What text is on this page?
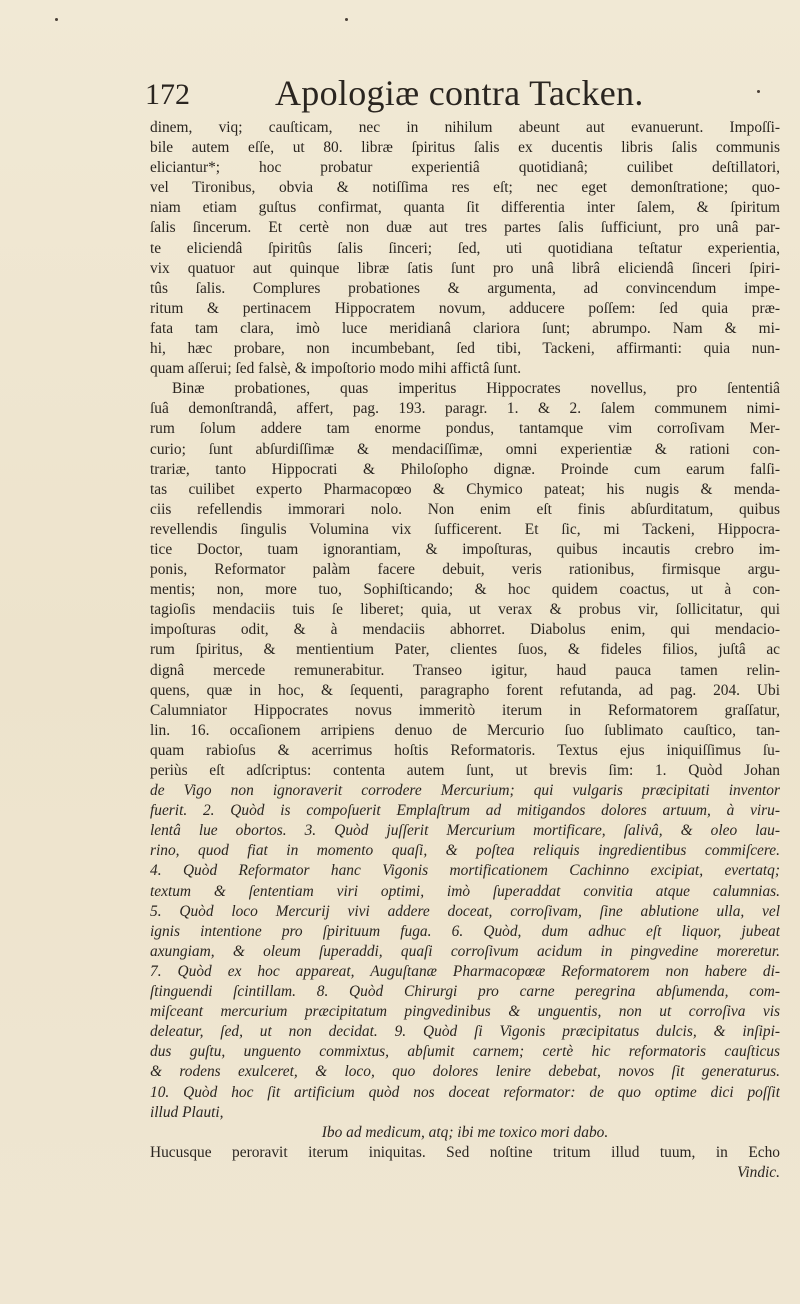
172 Apologiæ contra Tacken.
dinem, viq; cauſticam, nec in nihilum abeunt aut evanuerunt. Impoſſi-
bile autem eſſe, ut 80. libræ ſpiritus ſalis ex ducentis libris ſalis communis
eliciantur*; hoc probatur experientiâ quotidianâ; cuilibet deſtillatori,
vel Tironibus, obvia & notiſſima res eſt; nec eget demonſtratione; quo-
niam etiam guſtus confirmat, quanta ſit differentia inter ſalem, & ſpiritum
ſalis ſincerum. Et certè non duæ aut tres partes ſalis ſufficiunt, pro unâ par-
te eliciendâ ſpiritûs ſalis ſinceri; ſed, uti quotidiana teſtatur experientia,
vix quatuor aut quinque libræ ſatis ſunt pro unâ librâ eliciendâ ſinceri ſpiri-
tûs ſalis. Complures probationes & argumenta, ad convincendum impe-
ritum & pertinacem Hippocratem novum, adducere poſſem: ſed quia præ-
fata tam clara, imò luce meridianâ clariora ſunt; abrumpo. Nam & mi-
hi, hæc probare, non incumbebant, ſed tibi, Tackeni, affirmanti: quia nun-
quam aſſerui; ſed falsè, & impoſtorio modo mihi affictâ ſunt.
Binæ probationes, quas imperitus Hippocrates novellus, pro ſententiâ
ſuâ demonſtrandâ, affert, pag. 193. paragr. 1. & 2. ſalem communem nimi-
rum ſolum addere tam enorme pondus, tantamque vim corroſivam Mer-
curio; ſunt abſurdiſſimæ & mendaciſſimæ, omni experientiæ & rationi con-
trariæ, tanto Hippocrati & Philoſopho dignæ. Proinde cum earum falſi-
tas cuilibet experto Pharmacopœo & Chymico pateat; his nugis & menda-
ciis refellendis immorari nolo. Non enim eſt finis abſurditatum, quibus
revellendis ſingulis Volumina vix ſufficerent. Et ſic, mi Tackeni, Hippocra-
tice Doctor, tuam ignorantiam, & impoſturas, quibus incautis crebro im-
ponis, Reformator palàm facere debuit, veris rationibus, firmisque argu-
mentis; non, more tuo, Sophiſticando; & hoc quidem coactus, ut à con-
tagioſis mendaciis tuis ſe liberet; quia, ut verax & probus vir, ſollicitatur, qui
impoſturas odit, & à mendaciis abhorret. Diabolus enim, qui mendacio-
rum ſpiritus, & mentientium Pater, clientes ſuos, & fideles filios, juſtâ ac
dignâ mercede remunerabitur. Transeo igitur, haud pauca tamen relin-
quens, quæ in hoc, & ſequenti, paragrapho forent refutanda, ad pag. 204. Ubi
Calumniator Hippocrates novus immeritò iterum in Reformatorem graſſatur,
lin. 16. occaſionem arripiens denuo de Mercurio ſuo ſublimato cauſtico, tan-
quam rabioſus & acerrimus hoſtis Reformatoris. Textus ejus iniquiſſimus ſu-
periùs eſt adſcriptus: contenta autem ſunt, ut brevis ſim: 1. Quòd Johan
de Vigo non ignoraverit corrodere Mercurium; qui vulgaris præcipitati inventor
fuerit. 2. Quòd is compoſuerit Emplaſtrum ad mitigandos dolores artuum, à viru-
lentâ lue obortos. 3. Quòd juſſerit Mercurium mortificare, ſalivâ, & oleo lau-
rino, quod fiat in momento quaſi, & poſtea reliquis ingredientibus commiſcere.
4. Quòd Reformator hanc Vigonis mortificationem Cachinno excipiat, evertatq;
textum & ſententiam viri optimi, imò ſuperaddat convitia atque calumnias.
5. Quòd loco Mercurij vivi addere doceat, corroſivam, ſine ablutione ulla, vel
ignis intentione pro ſpirituum fuga. 6. Quòd, dum adhuc eſt liquor, jubeat
axungiam, & oleum ſuperaddi, quaſi corroſivum acidum in pingvedine moreretur.
7. Quòd ex hoc appareat, Auguſtanæ Pharmacopœæ Reformatorem non habere di-
ſtinguendi ſcintillam. 8. Quòd Chirurgi pro carne peregrina abſumenda, com-
miſceant mercurium præcipitatum pingvedinibus & unguentis, non ut corroſiva vis
deleatur, ſed, ut non decidat. 9. Quòd ſi Vigonis præcipitatus dulcis, & inſipi-
dus guſtu, unguento commixtus, abſumit carnem; certè hic reformatoris cauſticus
& rodens exulceret, & loco, quo dolores lenire debebat, novos ſit generaturus.
10. Quòd hoc ſit artificium quòd nos doceat reformator: de quo optime dici poſſit
illud Plauti,
Ibo ad medicum, atq; ibi me toxico mori dabo.
Hucusque peroravit iterum iniquitas. Sed noſtine tritum illud tuum, in Echo
Vindic.
